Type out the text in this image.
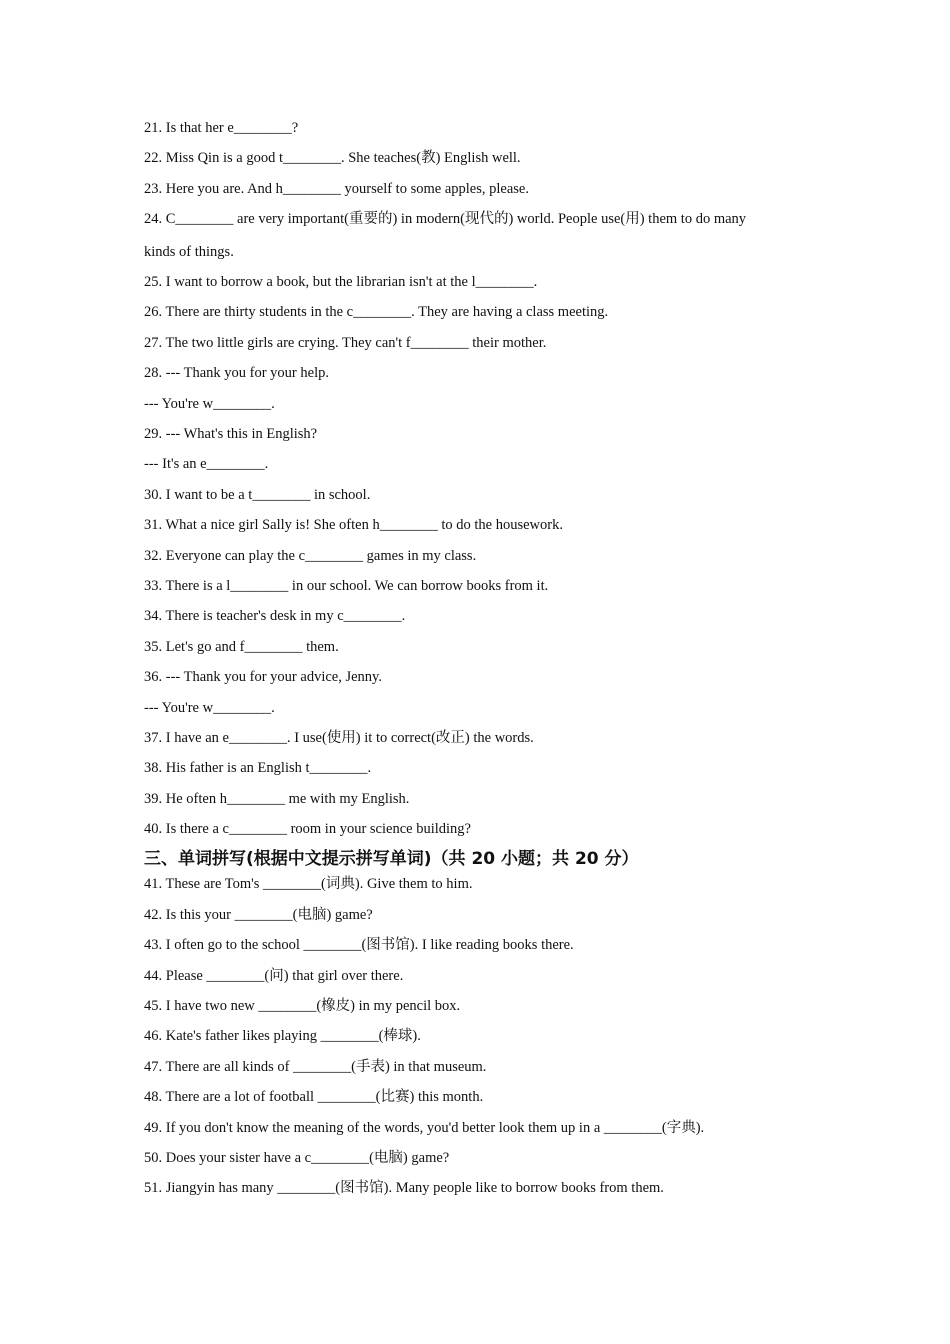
21. Is that her e________?
22. Miss Qin is a good t________. She teaches(教) English well.
23. Here you are. And h________ yourself to some apples, please.
24. C________ are very important(重要的) in modern(现代的) world. People use(用) them to do many
kinds of things.
25. I want to borrow a book, but the librarian isn't at the l________.
26. There are thirty students in the c________. They are having a class meeting.
27. The two little girls are crying. They can't f________ their mother.
28. --- Thank you for your help.
--- You're w________.
29. --- What's this in English?
--- It's an e________.
30. I want to be a t________ in school.
31. What a nice girl Sally is! She often h________ to do the housework.
32. Everyone can play the c________ games in my class.
33. There is a l________ in our school. We can borrow books from it.
34. There is teacher's desk in my c________.
35. Let's go and f________ them.
36. --- Thank you for your advice, Jenny.
--- You're w________.
37. I have an e________. I use(使用) it to correct(改正) the words.
38. His father is an English t________.
39. He often h________ me with my English.
40. Is there a c________ room in your science building?
三、单词拼写(根据中文提示拼写单词)（共 20 小题；共 20 分）
41. These are Tom's ________(词典). Give them to him.
42. Is this your ________(电脑) game?
43. I often go to the school ________(图书馆). I like reading books there.
44. Please ________(问) that girl over there.
45. I have two new ________(橡皮) in my pencil box.
46. Kate's father likes playing ________(棒球).
47. There are all kinds of ________(手表) in that museum.
48. There are a lot of football ________(比赛) this month.
49. If you don't know the meaning of the words, you'd better look them up in a ________(字典).
50. Does your sister have a c________(电脑) game?
51. Jiangyin has many ________(图书馆). Many people like to borrow books from them.
